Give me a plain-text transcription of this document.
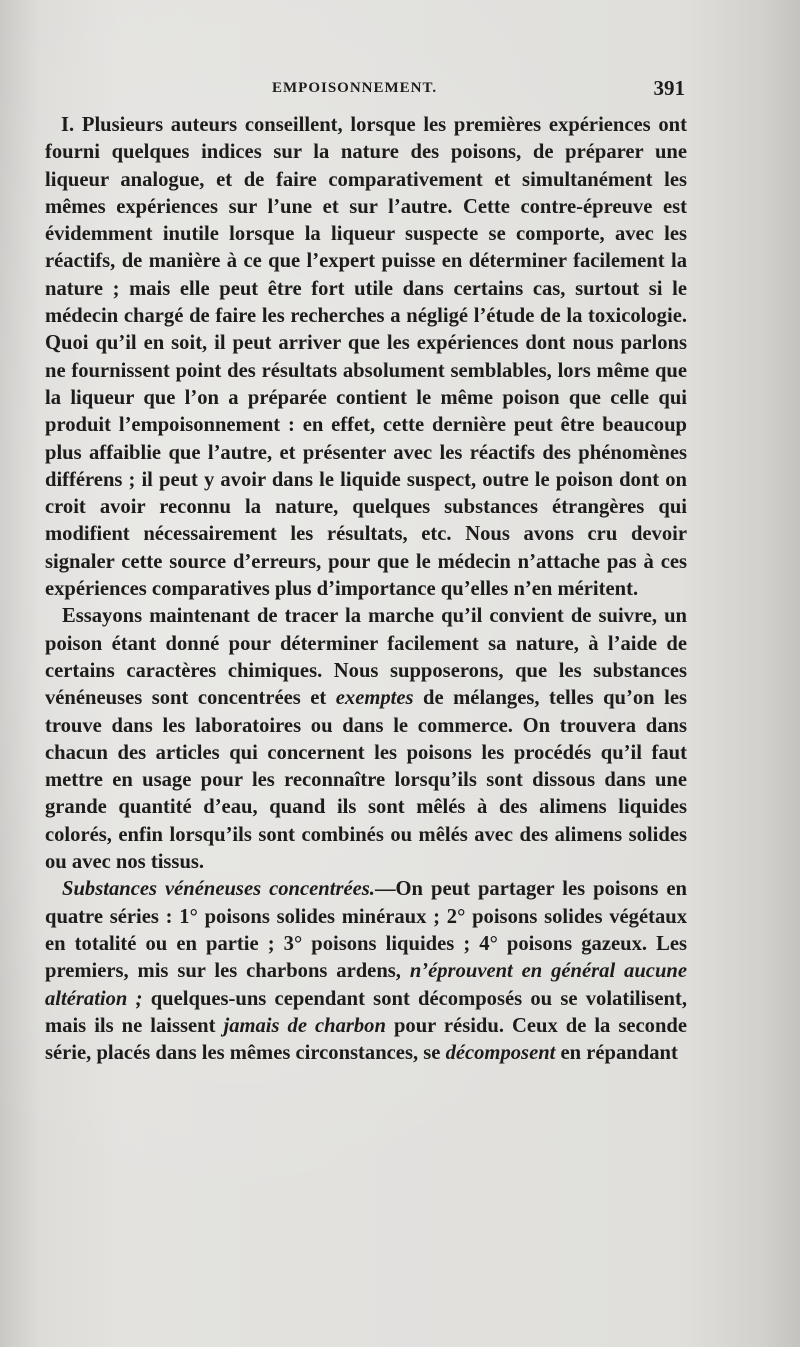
EMPOISONNEMENT.	391

I. Plusieurs auteurs conseillent, lorsque les premières expériences ont fourni quelques indices sur la nature des poisons, de préparer une liqueur analogue, et de faire comparativement et simultanément les mêmes expériences sur l’une et sur l’autre. Cette contre-épreuve est évidemment inutile lorsque la liqueur suspecte se comporte, avec les réactifs, de manière à ce que l’expert puisse en déterminer facilement la nature ; mais elle peut être fort utile dans certains cas, surtout si le médecin chargé de faire les recherches a négligé l’étude de la toxicologie. Quoi qu’il en soit, il peut arriver que les expériences dont nous parlons ne fournissent point des résultats absolument semblables, lors même que la liqueur que l’on a préparée contient le même poison que celle qui produit l’empoisonnement : en effet, cette dernière peut être beaucoup plus affaiblie que l’autre, et présenter avec les réactifs des phénomènes différens ; il peut y avoir dans le liquide suspect, outre le poison dont on croit avoir reconnu la nature, quelques substances étrangères qui modifient nécessairement les résultats, etc. Nous avons cru devoir signaler cette source d’erreurs, pour que le médecin n’attache pas à ces expériences comparatives plus d’importance qu’elles n’en méritent.

Essayons maintenant de tracer la marche qu’il convient de suivre, un poison étant donné pour déterminer facilement sa nature, à l’aide de certains caractères chimiques. Nous supposerons, que les substances vénéneuses sont concentrées et exemptes de mélanges, telles qu’on les trouve dans les laboratoires ou dans le commerce. On trouvera dans chacun des articles qui concernent les poisons les procédés qu’il faut mettre en usage pour les reconnaître lorsqu’ils sont dissous dans une grande quantité d’eau, quand ils sont mêlés à des alimens liquides colorés, enfin lorsqu’ils sont combinés ou mêlés avec des alimens solides ou avec nos tissus.

Substances vénéneuses concentrées.—On peut partager les poisons en quatre séries : 1° poisons solides minéraux ; 2° poisons solides végétaux en totalité ou en partie ; 3° poisons liquides ; 4° poisons gazeux. Les premiers, mis sur les charbons ardens, n’éprouvent en général aucune altération ; quelques-uns cependant sont décomposés ou se volatilisent, mais ils ne laissent jamais de charbon pour résidu. Ceux de la seconde série, placés dans les mêmes circonstances, se décomposent en répandant
